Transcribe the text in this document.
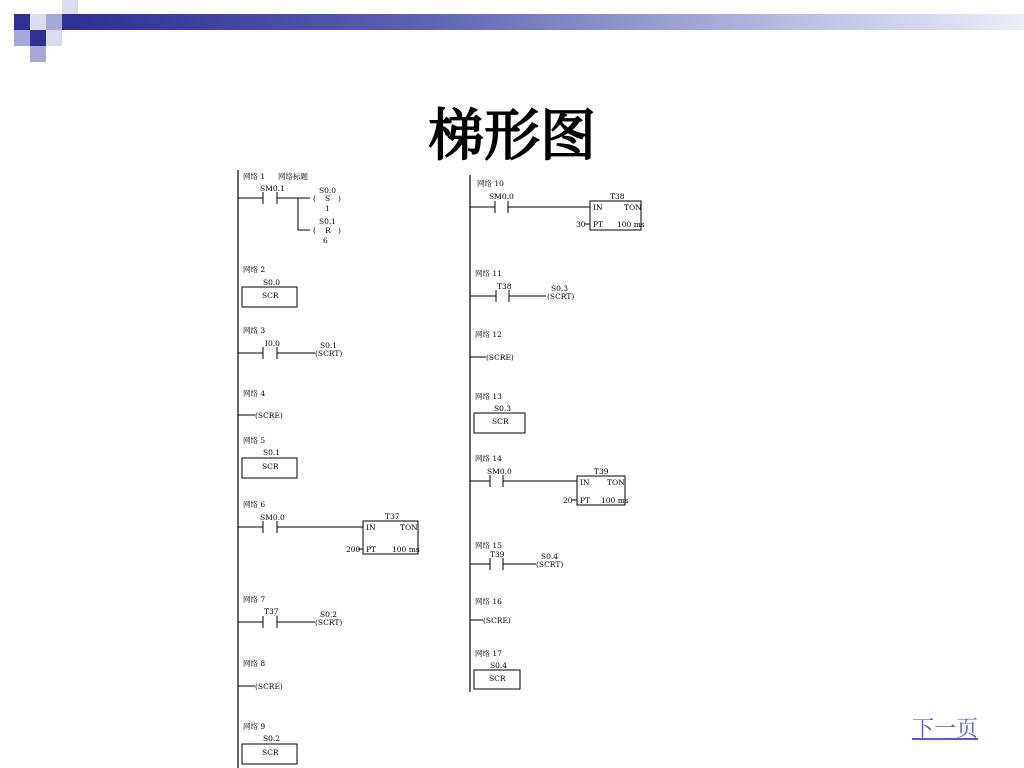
梯形图
网络 1 网络标题
SM0.1	S0.0
( S )
1
S0.1
( R )
6
网络 2
S0.0
SCR
网络 3
I0.0	S0.1
(SCRT)
网络 4
(SCRE)
网络 5
S0.1
SCR
网络 6
SM0.0	T37
IN	TON
200 PT 100 ms
网络 7
T37	S0.2
(SCRT)
网络 8
(SCRE)
网络 9
S0.2
SCR
网络 10
SM0.0	T38
IN	TON
30 PT 100 ms
网络 11
T38	S0.3
(SCRT)
网络 12
(SCRE)
网络 13
S0.3
SCR
网络 14
SM0.0	T39
IN TON
20 PT 100 ms
网络 15
T39	S0.4
(SCRT)
网络 16
(SCRE)
网络 17
S0.4
SCR
下一页
